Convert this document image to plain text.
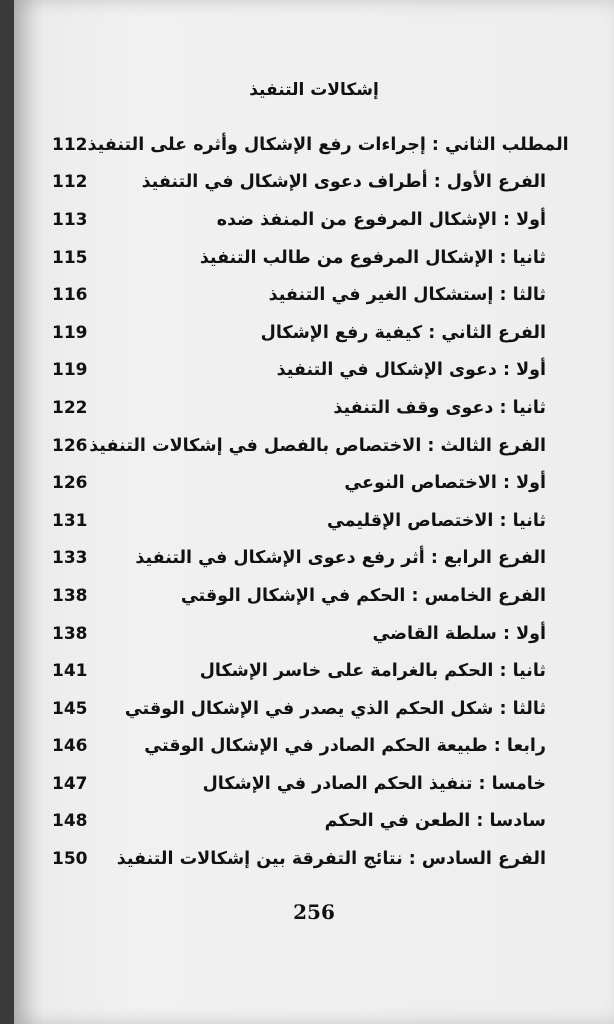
إشكالات التنفيذ
112 المطلب الثاني : إجراءات رفع الإشكال وأثره على التنفيذ
112	الفرع الأول : أطراف دعوى الإشكال في التنفيذ
113	أولا : الإشكال المرفوع من المنفذ ضده
115	ثانيا : الإشكال المرفوع من طالب التنفيذ
116	ثالثا : إستشكال الغير في التنفيذ
119	الفرع الثاني : كيفية رفع الإشكال
119	أولا : دعوى الإشكال في التنفيذ
122	ثانيا : دعوى وقف التنفيذ
126 الفرع الثالث : الاختصاص بالفصل في إشكالات التنفيذ
126	أولا : الاختصاص النوعي
131	ثانيا : الاختصاص الإقليمي
133	الفرع الرابع : أثر رفع دعوى الإشكال في التنفيذ
138	الفرع الخامس : الحكم في الإشكال الوقتي
138	أولا : سلطة القاضي
141	ثانيا : الحكم بالغرامة على خاسر الإشكال
145 ثالثا : شكل الحكم الذي يصدر في الإشكال الوقتي
146	رابعا : طبيعة الحكم الصادر في الإشكال الوقتي
147	خامسا : تنفيذ الحكم الصادر في الإشكال
148	سادسا : الطعن في الحكم
150 الفرع السادس : نتائج التفرقة بين إشكالات التنفيذ
256
